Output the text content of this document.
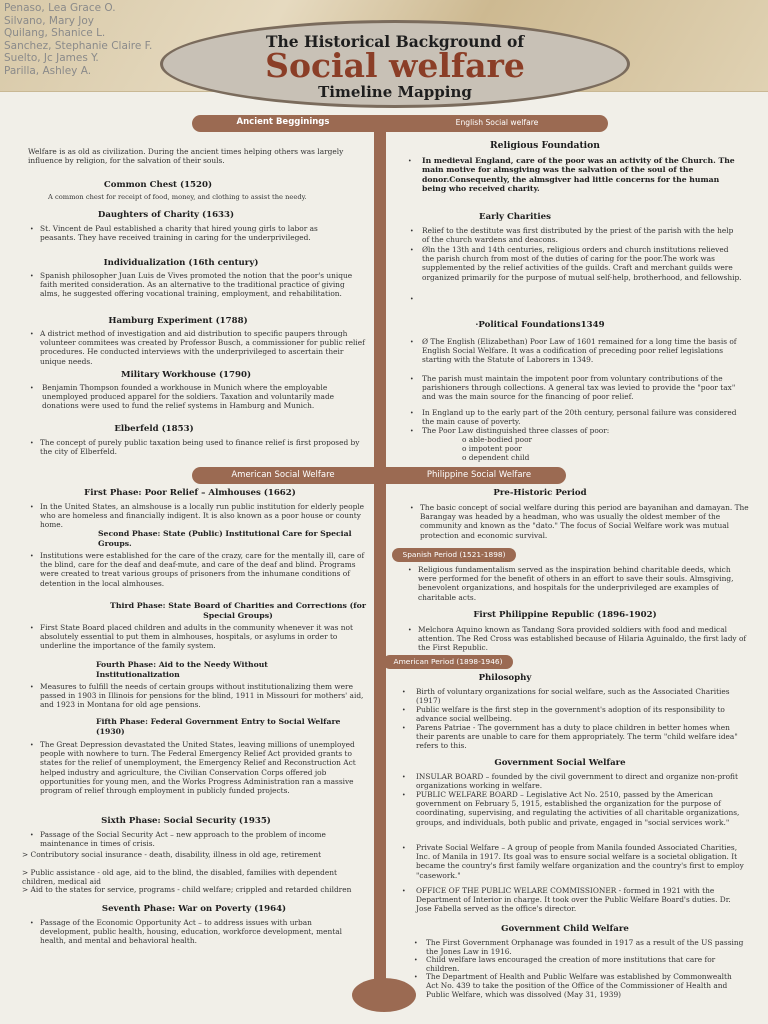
Penaso, Lea Grace O.
Silvano, Mary Joy
Quilang, Shanice L.
Sanchez, Stephanie Claire F.
Suelto, Jc James Y.
Parilla, Ashley A.
The Historical Background of
Social welfare
Timeline Mapping
Ancient Begginings	English Social welfare
American Social Welfare	Philippine Social Welfare
Spanish Period (1521-1898)
American Period (1898-1946)
Welfare is as old as civilization. During the ancient times helping others was largely influence by religion, for the salvation of their souls.
Common Chest (1520)
A common chest for receipt of food, money, and clothing to assist the needy.
Daughters of Charity (1633)
• St. Vincent de Paul established a charity that hired young girls to labor as peasants. They have received training in caring for the underprivileged.
Individualization (16th century)
• Spanish philosopher Juan Luis de Vives promoted the notion that the poor's unique faith merited consideration. As an alternative to the traditional practice of giving alms, he suggested offering vocational training, employment, and rehabilitation.
Hamburg Experiment (1788)
• A district method of investigation and aid distribution to specific paupers through volunteer commitees was created by Professor Busch, a commissioner for public relief procedures. He conducted interviews with the underprivileged to ascertain their unique needs.
Military Workhouse (1790)
• Benjamin Thompson founded a workhouse in Munich where the employable unemployed produced apparel for the soldiers. Taxation and voluntarily made donations were used to fund the relief systems in Hamburg and Munich.
Elberfeld (1853)
• The concept of purely public taxation being used to finance relief is first proposed by the city of Elberfeld.
First Phase: Poor Relief – Almhouses (1662)
• In the United States, an almshouse is a locally run public institution for elderly people who are homeless and financially indigent. It is also known as a poor house or county home.
Second Phase: State (Public) Institutional Care for Special Groups.
• Institutions were established for the care of the crazy, care for the mentally ill, care of the blind, care for the deaf and deaf-mute, and care of the deaf and blind. Programs were created to treat various groups of prisoners from the inhumane conditions of detention in the local almhouses.
Third Phase: State Board of Charities and Corrections (for Special Groups)
• First State Board placed children and adults in the community whenever it was not absolutely essential to put them in almhouses, hospitals, or asylums in order to underline the importance of the family system.
Fourth Phase: Aid to the Needy Without Institutionalization
• Measures to fulfill the needs of certain groups without institutionalizing them were passed in 1903 in Illinois for pensions for the blind, 1911 in Missouri for mothers' aid, and 1923 in Montana for old age pensions.
Fifth Phase: Federal Government Entry to Social Welfare (1930)
• The Great Depression devastated the United States, leaving millions of unemployed people with nowhere to turn. The Federal Emergency Relief Act provided grants to states for the relief of unemployment, the Emergency Relief and Reconstruction Act helped industry and agriculture, the Civilian Conservation Corps offered job opportunities for young men, and the Works Progress Administration ran a massive program of relief through employment in publicly funded projects.
Sixth Phase: Social Security (1935)
• Passage of the Social Security Act – new approach to the problem of income maintenance in times of crisis.
> Contributory social insurance - death, disability, illness in old age, retirement
> Public assistance - old age, aid to the blind, the disabled, families with dependent children, medical aid
> Aid to the states for service, programs - child welfare; crippled and retarded children
Seventh Phase: War on Poverty (1964)
• Passage of the Economic Opportunity Act – to address issues with urban development, public health, housing, education, workforce development, mental health, and mental and behavioral health.
Religious Foundation
• In medieval England, care of the poor was an activity of the Church. The main motive for almsgiving was the salvation of the soul of the donor.Consequently, the almsgiver had little concerns for the human being who received charity.
Early Charities
• Relief to the destitute was first distributed by the priest of the parish with the help of the church wardens and deacons.
• Øln the 13th and 14th centuries, religious orders and church institutions relieved the parish church from most of the duties of caring for the poor.The work was supplemented by the relief activities of the guilds. Craft and merchant guilds were organized primarily for the purpose of mutual self-help, brotherhood, and fellowship.
•
·Political Foundations1349
• Ø The English (Elizabethan) Poor Law of 1601 remained for a long time the basis of English Social Welfare. It was a codification of preceding poor relief legislations starting with the Statute of Laborers in 1349.
• The parish must maintain the impotent poor from voluntary contributions of the parishioners through collections. A general tax was levied to provide the "poor tax" and was the main source for the financing of poor relief.
• In England up to the early part of the 20th century, personal failure was considered the main cause of poverty.
• The Poor Law distinguished three classes of poor:
o able-bodied poor
o impotent poor
o dependent child
Pre-Historic Period
• The basic concept of social welfare during this period are bayanihan and damayan. The Barangay was headed by a headman, who was usually the oldest member of the community and known as the "dato." The focus of Social Welfare work was mutual protection and economic survival.
• Religious fundamentalism served as the inspiration behind charitable deeds, which were performed for the benefit of others in an effort to save their souls. Almsgiving, benevolent organizations, and hospitals for the underprivileged are examples of charitable acts.
First Philippine Republic (1896-1902)
• Melchora Aquino known as Tandang Sora provided soldiers with food and medical attention. The Red Cross was established because of Hilaria Aguinaldo, the first lady of the First Republic.
Philosophy
• Birth of voluntary organizations for social welfare, such as the Associated Charities (1917)
• Public welfare is the first step in the government's adoption of its responsibility to advance social wellbeing.
• Parens Patriae - The government has a duty to place children in better homes when their parents are unable to care for them appropriately. The term "child welfare idea" refers to this.
Government Social Welfare
• INSULAR BOARD – founded by the civil government to direct and organize non-profit organizations working in welfare.
• PUBLIC WELFARE BOARD – Legislative Act No. 2510, passed by the American government on February 5, 1915, established the organization for the purpose of coordinating, supervising, and regulating the activities of all charitable organizations, groups, and individuals, both public and private, engaged in "social services work."
• Private Social Welfare – A group of people from Manila founded Associated Charities, Inc. of Manila in 1917. Its goal was to ensure social welfare is a societal obligation. It became the country's first family welfare organization and the country's first to employ "casework."
• OFFICE OF THE PUBLIC WELARE COMMISSIONER - formed in 1921 with the Department of Interior in charge. It took over the Public Welfare Board's duties. Dr. Jose Fabella served as the office's director.
Government Child Welfare
• The First Government Orphanage was founded in 1917 as a result of the US passing the Jones Law in 1916.
• Child welfare laws encouraged the creation of more institutions that care for children.
• The Department of Health and Public Welfare was established by Commonwealth Act No. 439 to take the position of the Office of the Commissioner of Health and Public Welfare, which was dissolved (May 31, 1939)
